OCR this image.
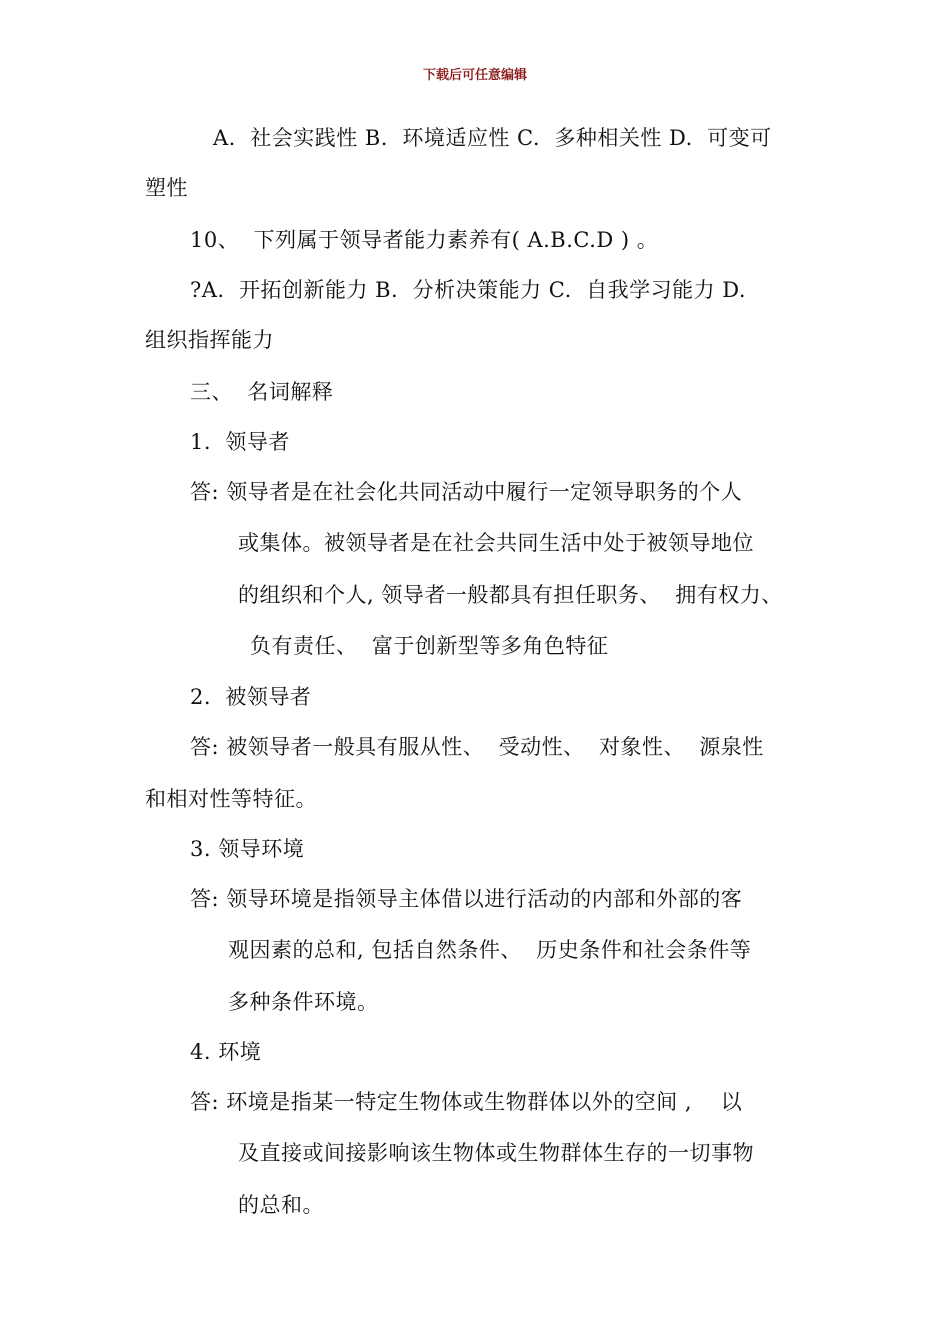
下载后可任意编辑
A.  社会实践性 B.  环境适应性 C.  多种相关性 D.  可变可
塑性
10、  下列属于领导者能力素养有( A.B.C.D ) 。
?A.  开拓创新能力 B.  分析决策能力 C.  自我学习能力 D.
组织指挥能力
三、  名词解释
1.  领导者
答: 领导者是在社会化共同活动中履行一定领导职务的个人
或集体。被领导者是在社会共同生活中处于被领导地位
的组织和个人, 领导者一般都具有担任职务、  拥有权力、
负有责任、  富于创新型等多角色特征
2.  被领导者
答: 被领导者一般具有服从性、  受动性、  对象性、  源泉性
和相对性等特征。
3. 领导环境
答: 领导环境是指领导主体借以进行活动的内部和外部的客
观因素的总和, 包括自然条件、  历史条件和社会条件等
多种条件环境。
4. 环境
答: 环境是指某一特定生物体或生物群体以外的空间 ,    以
及直接或间接影响该生物体或生物群体生存的一切事物
的总和。
